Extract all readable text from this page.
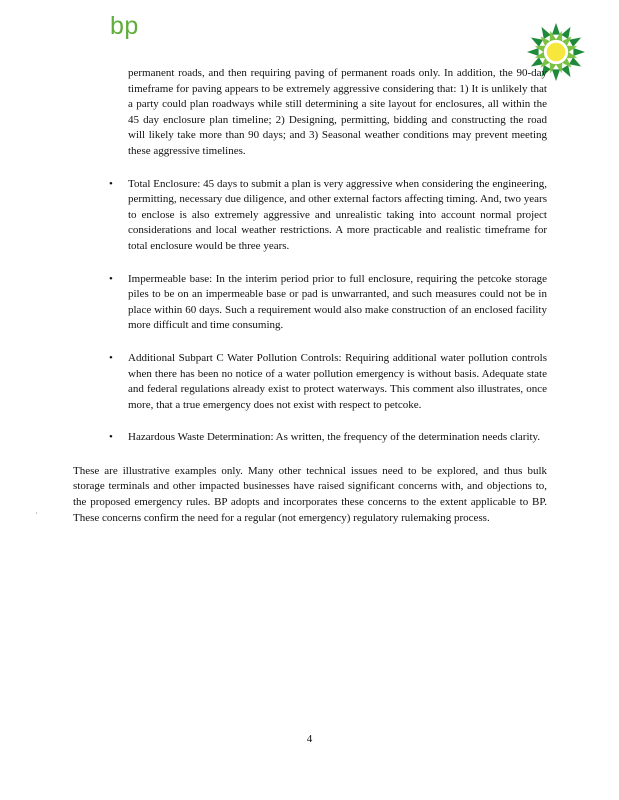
bp

permanent roads, and then requiring paving of permanent roads only. In addition, the 90-day timeframe for paving appears to be extremely aggressive considering that: 1) It is unlikely that a party could plan roadways while still determining a site layout for enclosures, all within the 45 day enclosure plan timeline; 2) Designing, permitting, bidding and constructing the road will likely take more than 90 days; and 3) Seasonal weather conditions may prevent meeting these aggressive timelines.

• Total Enclosure: 45 days to submit a plan is very aggressive when considering the engineering, permitting, necessary due diligence, and other external factors affecting timing. And, two years to enclose is also extremely aggressive and unrealistic taking into account normal project considerations and local weather restrictions. A more practicable and realistic timeframe for total enclosure would be three years.
• Impermeable base: In the interim period prior to full enclosure, requiring the petcoke storage piles to be on an impermeable base or pad is unwarranted, and such measures could not be in place within 60 days. Such a requirement would also make construction of an enclosed facility more difficult and time consuming.
• Additional Subpart C Water Pollution Controls: Requiring additional water pollution controls when there has been no notice of a water pollution emergency is without basis. Adequate state and federal regulations already exist to protect waterways. This comment also illustrates, once more, that a true emergency does not exist with respect to petcoke.
• Hazardous Waste Determination: As written, the frequency of the determination needs clarity.

These are illustrative examples only. Many other technical issues need to be explored, and thus bulk storage terminals and other impacted businesses have raised significant concerns with, and objections to, the proposed emergency rules. BP adopts and incorporates these concerns to the extent applicable to BP. These concerns confirm the need for a regular (not emergency) regulatory rulemaking process.

·
4
